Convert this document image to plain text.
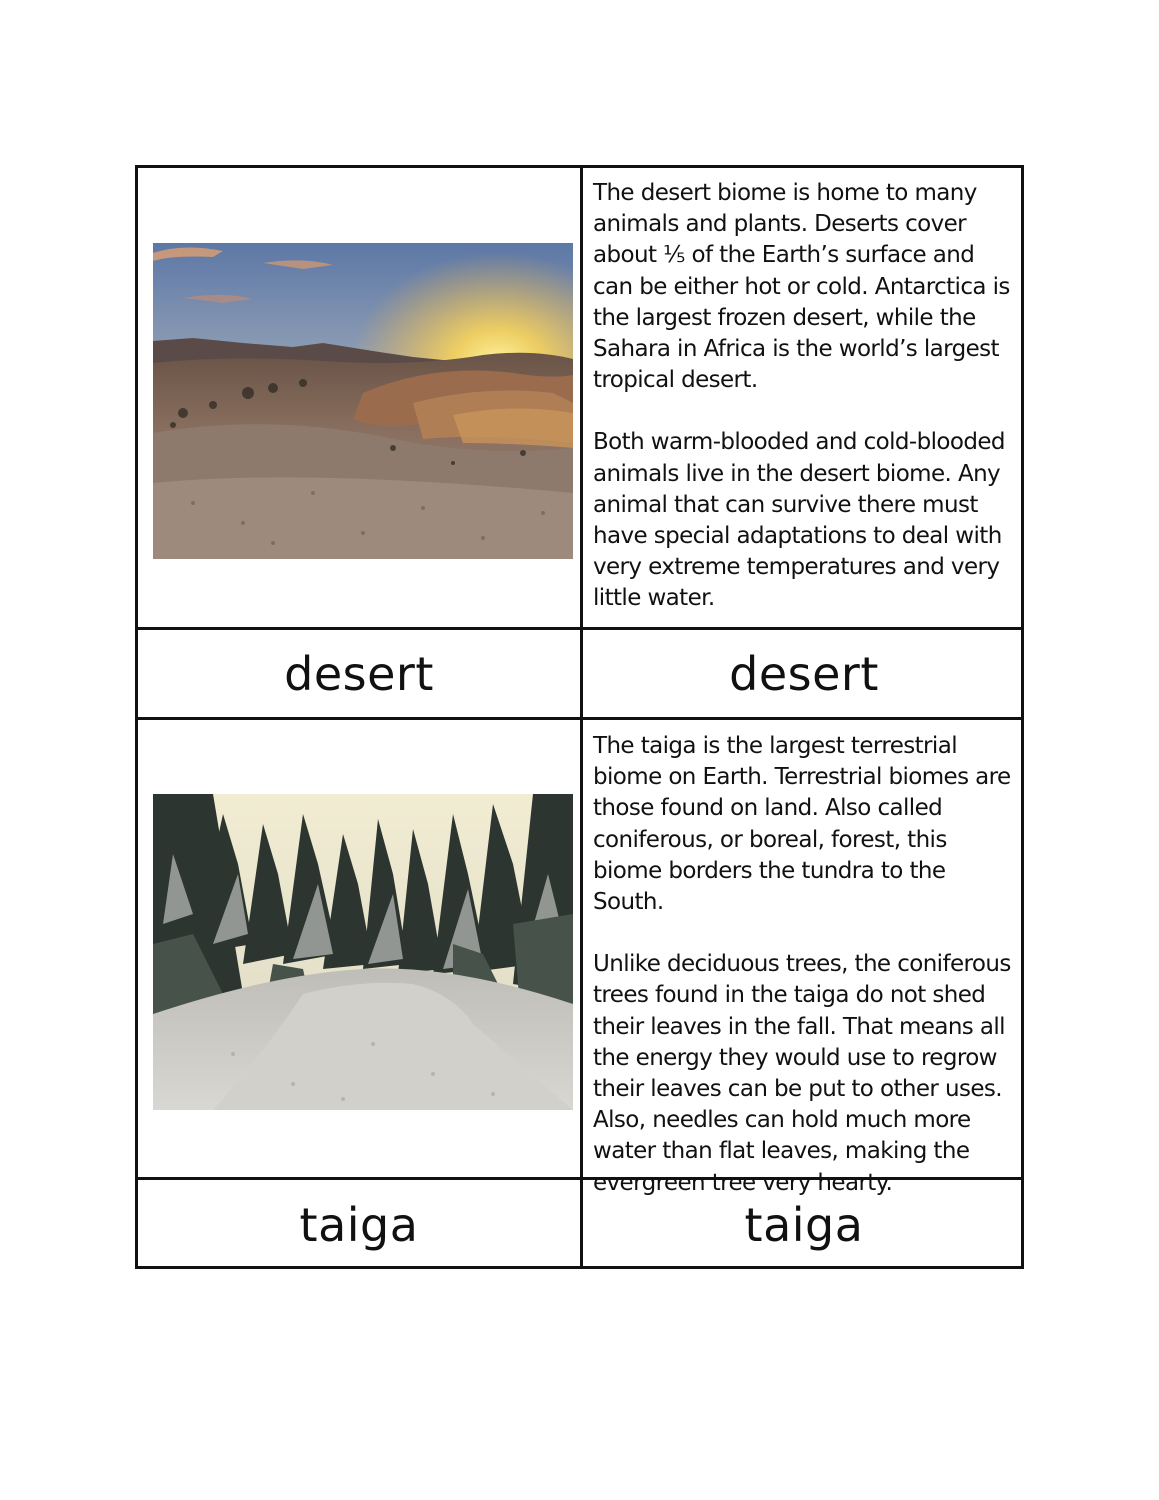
The desert biome is home to many animals and plants. Deserts cover about ⅕ of the Earth’s surface and can be either hot or cold. Antarctica is the largest frozen desert, while the Sahara in Africa is the world’s largest tropical desert.

Both warm-blooded and cold-blooded animals live in the desert biome. Any animal that can survive there must have special adaptations to deal with very extreme temperatures and very little water.

desert	desert

The taiga is the largest terrestrial biome on Earth. Terrestrial biomes are those found on land. Also called coniferous, or boreal, forest, this biome borders the tundra to the South.

Unlike deciduous trees, the coniferous trees found in the taiga do not shed their leaves in the fall. That means all the energy they would use to regrow their leaves can be put to other uses. Also, needles can hold much more water than flat leaves, making the evergreen tree very hearty.

taiga	taiga
